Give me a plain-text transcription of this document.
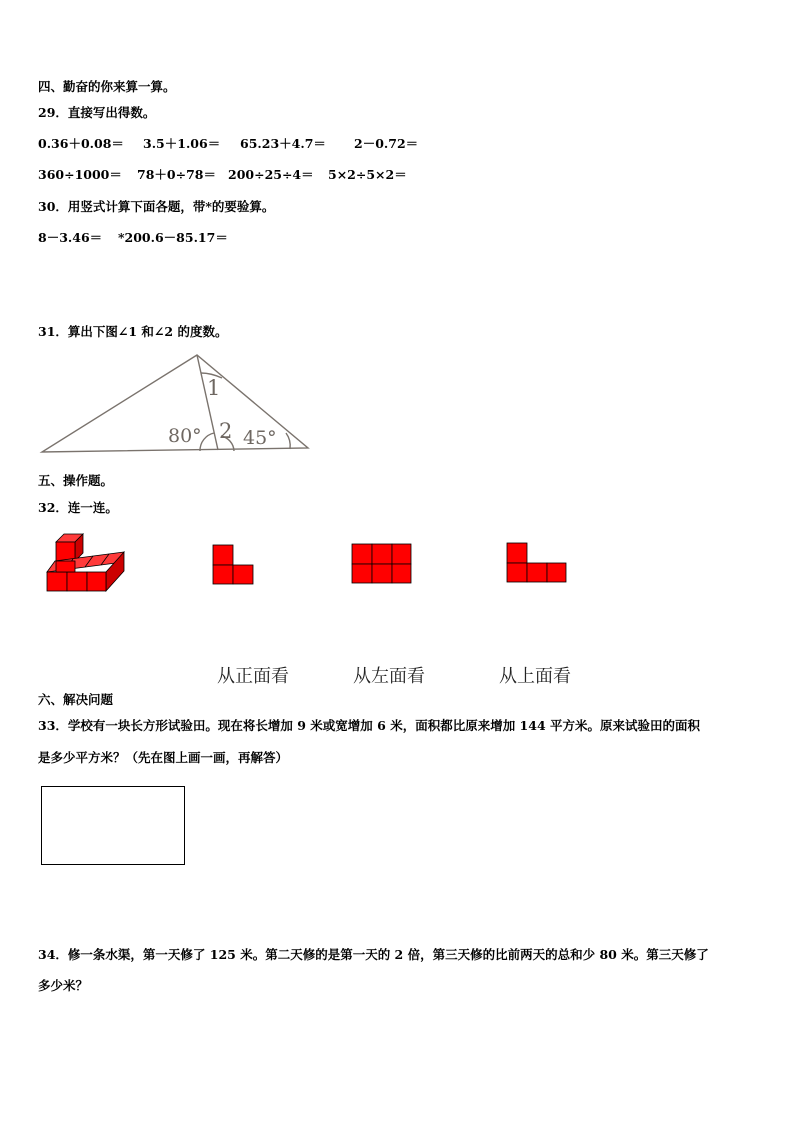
四、勤奋的你来算一算。
29．直接写出得数。
0.36＋0.08＝ 3.5＋1.06＝ 65.23＋4.7＝ 2－0.72＝
360÷1000＝ 78＋0÷78＝ 200÷25÷4＝ 5×2÷5×2＝
30．用竖式计算下面各题，带*的要验算。
8－3.46＝ *200.6－85.17＝
31．算出下图∠1 和∠2 的度数。
1
2
80° 45°
五、操作题。
32．连一连。
从正面看	从左面看	从上面看
六、解决问题
33．学校有一块长方形试验田。现在将长增加 9 米或宽增加 6 米，面积都比原来增加 144 平方米。原来试验田的面积
是多少平方米？（先在图上画一画，再解答）
34．修一条水渠，第一天修了 125 米。第二天修的是第一天的 2 倍，第三天修的比前两天的总和少 80 米。第三天修了
多少米？
